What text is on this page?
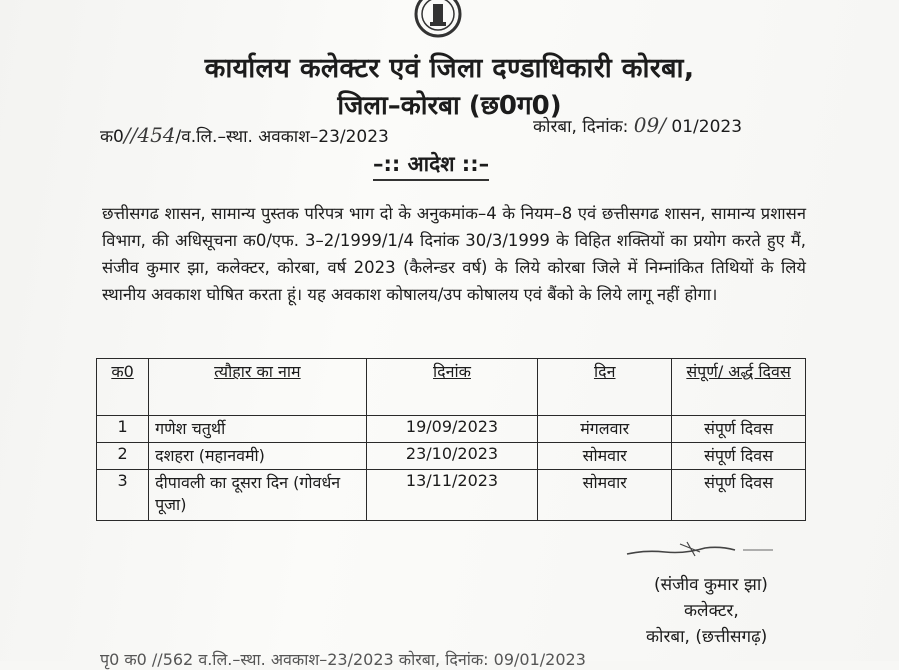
कार्यालय कलेक्टर एवं जिला दण्डाधिकारी कोरबा,
जिला–कोरबा (छ0ग0)
क0//454/व.लि.–स्था. अवकाश–23/2023	कोरबा, दिनांक: 09/ 01/2023
–:: आदेश ::–
छत्तीसगढ शासन, सामान्य पुस्तक परिपत्र भाग दो के अनुकमांक–4 के नियम–8 एवं छत्तीसगढ शासन, सामान्य प्रशासन विभाग, की अधिसूचना क0/एफ. 3–2/1999/1/4 दिनांक 30/3/1999 के विहित शक्तियों का प्रयोग करते हुए मैं, संजीव कुमार झा, कलेक्टर, कोरबा, वर्ष 2023 (कैलेन्डर वर्ष) के लिये कोरबा जिले में निम्नांकित तिथियों के लिये स्थानीय अवकाश घोषित करता हूं। यह अवकाश कोषालय/उप कोषालय एवं बैंको के लिये लागू नहीं होगा।
क0	त्यौहार का नाम	दिनांक	दिन	संपूर्ण/ अर्द्ध दिवस
1	गणेश चतुर्थी	19/09/2023	मंगलवार	संपूर्ण दिवस
2	दशहरा (महानवमी)	23/10/2023	सोमवार	संपूर्ण दिवस
3	दीपावली का दूसरा दिन (गोवर्धन पूजा)	13/11/2023	सोमवार	संपूर्ण दिवस
(संजीव कुमार झा)
कलेक्टर,
कोरबा, (छत्तीसगढ़)
पृ0 क0 //562 व.लि.–स्था. अवकाश–23/2023 कोरबा, दिनांक: 09/01/2023
